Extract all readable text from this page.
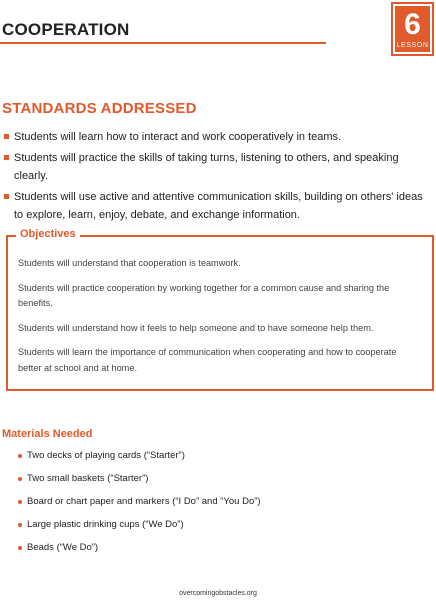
COOPERATION	6
LESSON
STANDARDS ADDRESSED
Students will learn how to interact and work cooperatively in teams.
Students will practice the skills of taking turns, listening to others, and speaking clearly.
Students will use active and attentive communication skills, building on others' ideas to explore, learn, enjoy, debate, and exchange information.
Objectives

Students will understand that cooperation is teamwork.

Students will practice cooperation by working together for a common cause and sharing the benefits.

Students will understand how it feels to help someone and to have someone help them.

Students will learn the importance of communication when cooperating and how to cooperate better at school and at home.

Materials Needed
Two decks of playing cards (“Starter”)
Two small baskets (“Starter”)
Board or chart paper and markers (“I Do” and “You Do”)
Large plastic drinking cups (“We Do”)
Beads (“We Do”)
overcomingobstacles.org
